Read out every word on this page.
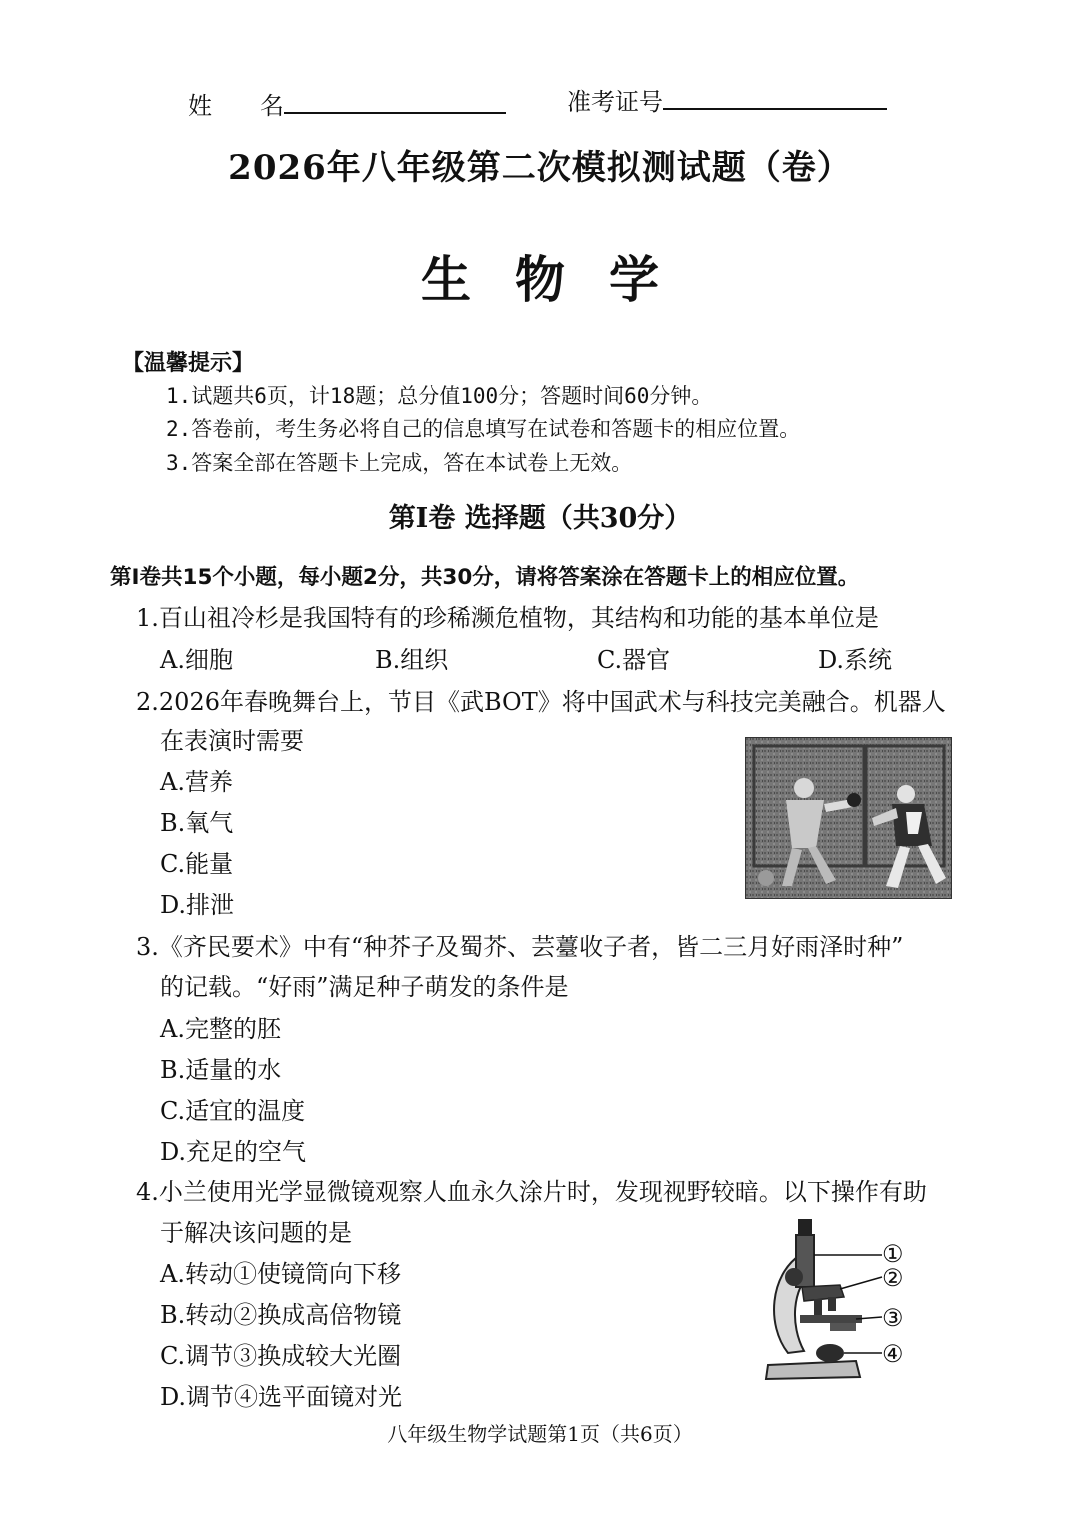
姓　　名	准考证号
2026年八年级第二次模拟测试题（卷）
生物学
【温馨提示】
1.试题共6页，计18题；总分值100分；答题时间60分钟。
2.答卷前，考生务必将自己的信息填写在试卷和答题卡的相应位置。
3.答案全部在答题卡上完成，答在本试卷上无效。
第Ⅰ卷 选择题（共30分）
第Ⅰ卷共15个小题，每小题2分，共30分，请将答案涂在答题卡上的相应位置。
1.百山祖冷杉是我国特有的珍稀濒危植物，其结构和功能的基本单位是
A.细胞	B.组织	C.器官	D.系统
2.2026年春晚舞台上，节目《武BOT》将中国武术与科技完美融合。机器人
在表演时需要
A.营养
B.氧气
C.能量
D.排泄
3.《齐民要术》中有“种芥子及蜀芥、芸薹收子者，皆二三月好雨泽时种”
的记载。“好雨”满足种子萌发的条件是
A.完整的胚
B.适量的水
C.适宜的温度
D.充足的空气
4.小兰使用光学显微镜观察人血永久涂片时，发现视野较暗。以下操作有助
于解决该问题的是
A.转动①使镜筒向下移
B.转动②换成高倍物镜
C.调节③换成较大光圈
D.调节④选平面镜对光
①
②
③
④
八年级生物学试题第1页（共6页）
